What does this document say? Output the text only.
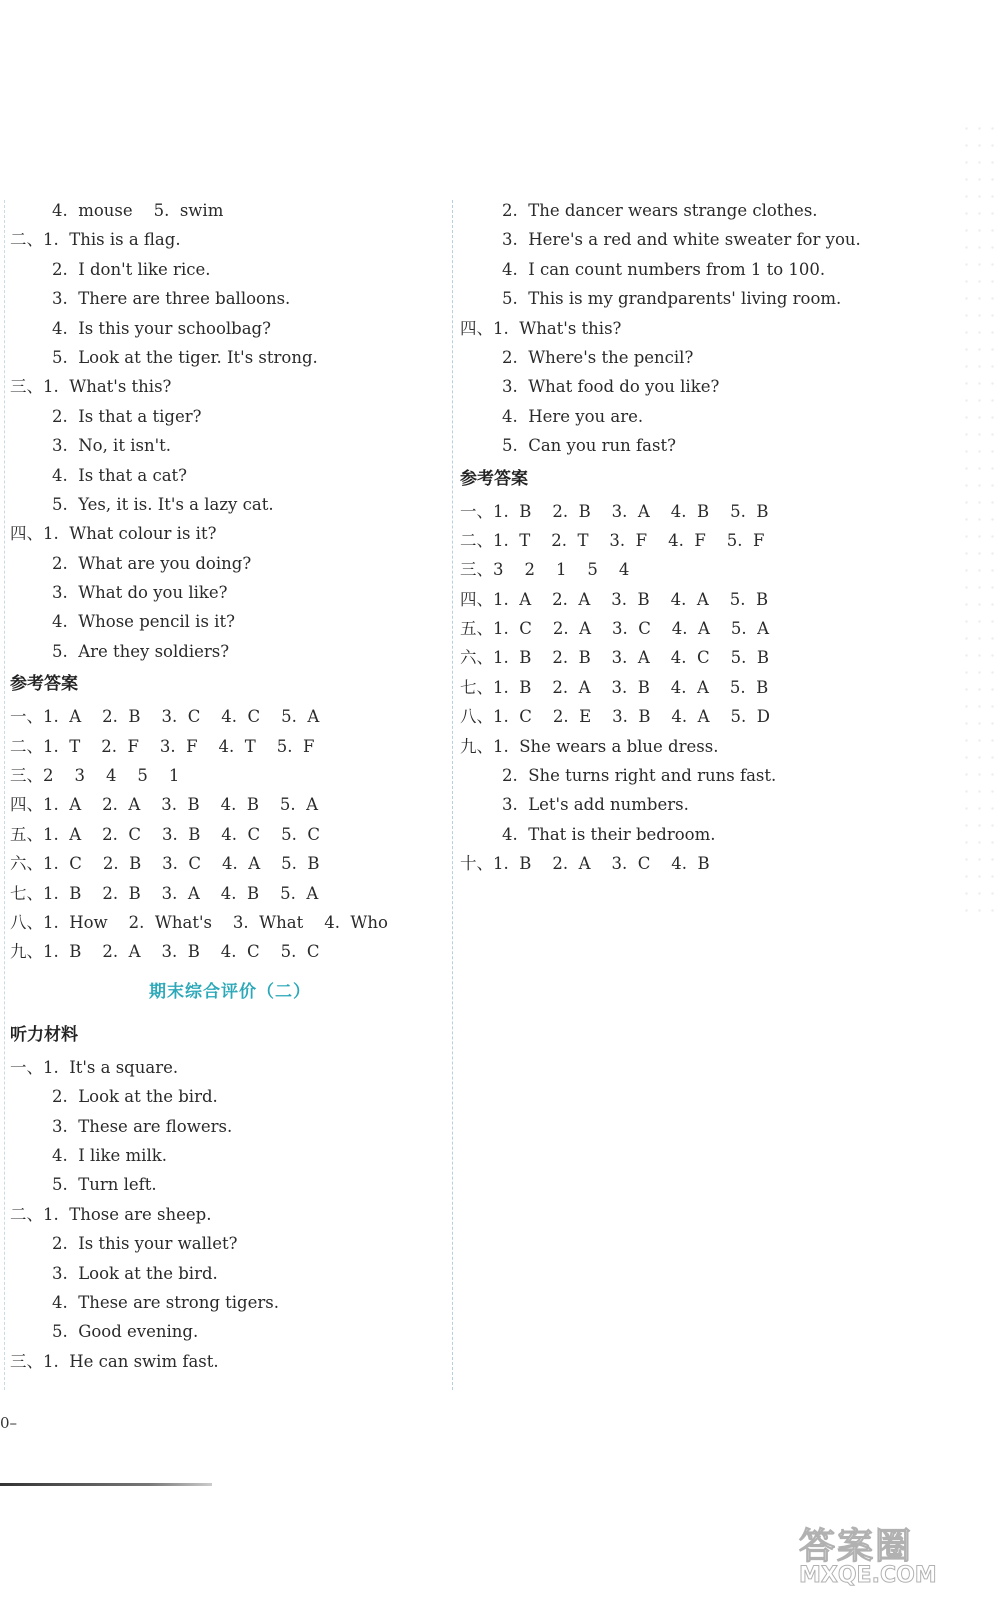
4.  mouse    5.  swim
二、1.  This is a flag.
2.  I don't like rice.
3.  There are three balloons.
4.  Is this your schoolbag?
5.  Look at the tiger. It's strong.
三、1.  What's this?
2.  Is that a tiger?
3.  No, it isn't.
4.  Is that a cat?
5.  Yes, it is. It's a lazy cat.
四、1.  What colour is it?
2.  What are you doing?
3.  What do you like?
4.  Whose pencil is it?
5.  Are they soldiers?
参考答案
一、1.  A    2.  B    3.  C    4.  C    5.  A
二、1.  T    2.  F    3.  F    4.  T    5.  F
三、2    3    4    5    1
四、1.  A    2.  A    3.  B    4.  B    5.  A
五、1.  A    2.  C    3.  B    4.  C    5.  C
六、1.  C    2.  B    3.  C    4.  A    5.  B
七、1.  B    2.  B    3.  A    4.  B    5.  A
八、1.  How    2.  What's    3.  What    4.  Who
九、1.  B    2.  A    3.  B    4.  C    5.  C
期末综合评价（二）
听力材料
一、1.  It's a square.
2.  Look at the bird.
3.  These are flowers.
4.  I like milk.
5.  Turn left.
二、1.  Those are sheep.
2.  Is this your wallet?
3.  Look at the bird.
4.  These are strong tigers.
5.  Good evening.
三、1.  He can swim fast.
2.  The dancer wears strange clothes.
3.  Here's a red and white sweater for you.
4.  I can count numbers from 1 to 100.
5.  This is my grandparents' living room.
四、1.  What's this?
2.  Where's the pencil?
3.  What food do you like?
4.  Here you are.
5.  Can you run fast?
参考答案
一、1.  B    2.  B    3.  A    4.  B    5.  B
二、1.  T    2.  T    3.  F    4.  F    5.  F
三、3    2    1    5    4
四、1.  A    2.  A    3.  B    4.  A    5.  B
五、1.  C    2.  A    3.  C    4.  A    5.  A
六、1.  B    2.  B    3.  A    4.  C    5.  B
七、1.  B    2.  A    3.  B    4.  A    5.  B
八、1.  C    2.  E    3.  B    4.  A    5.  D
九、1.  She wears a blue dress.
2.  She turns right and runs fast.
3.  Let's add numbers.
4.  That is their bedroom.
十、1.  B    2.  A    3.  C    4.  B
0–
答案圈
MXQE.COM
